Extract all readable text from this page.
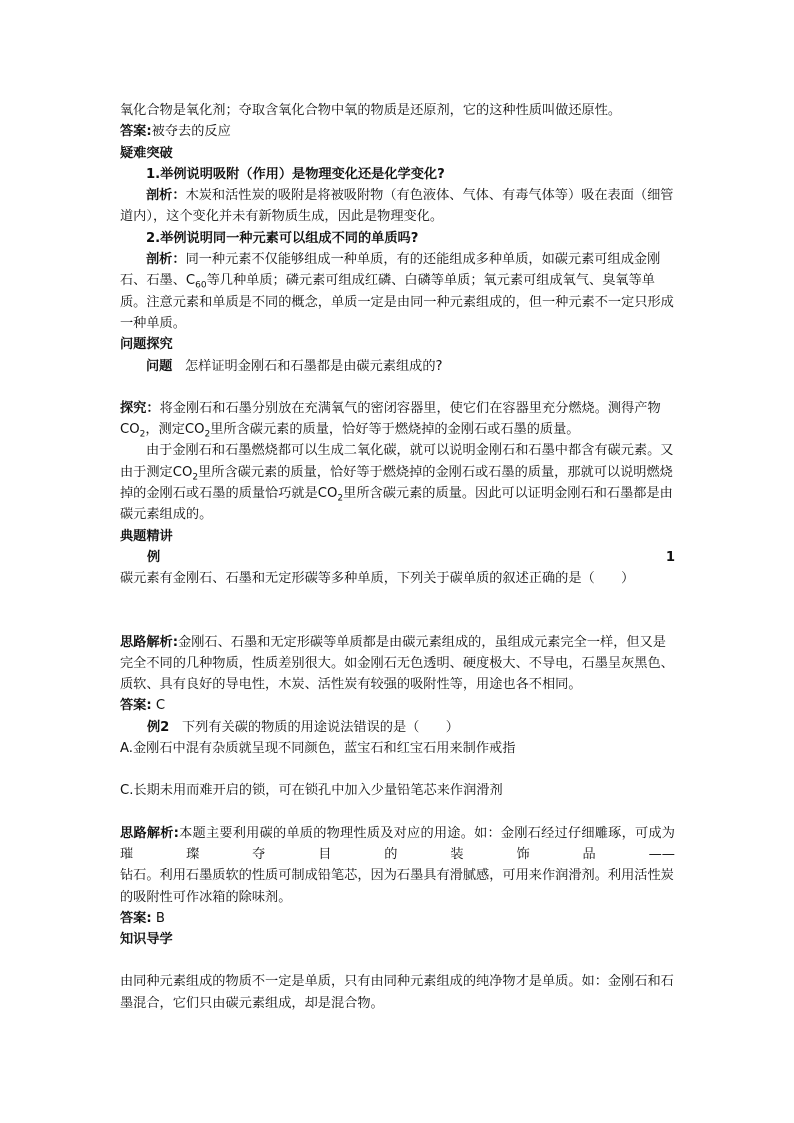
氧化合物是氧化剂；夺取含氧化合物中氧的物质是还原剂，它的这种性质叫做还原性。

答案:被夺去的反应

疑难突破

1.举例说明吸附（作用）是物理变化还是化学变化?

剖析：木炭和活性炭的吸附是将被吸附物（有色液体、气体、有毒气体等）吸在表面（细管道内），这个变化并未有新物质生成，因此是物理变化。

2.举例说明同一种元素可以组成不同的单质吗?

剖析：同一种元素不仅能够组成一种单质，有的还能组成多种单质，如碳元素可组成金刚石、石墨、$C_{60}$等几种单质；磷元素可组成红磷、白磷等单质；氧元素可组成氧气、臭氧等单质。注意元素和单质是不同的概念，单质一定是由同一种元素组成的，但一种元素不一定只形成一种单质。

问题探究

问题 怎样证明金刚石和石墨都是由碳元素组成的?

探究：将金刚石和石墨分别放在充满氧气的密闭容器里，使它们在容器里充分燃烧。测得产物$CO_2$，测定$CO_2$里所含碳元素的质量，恰好等于燃烧掉的金刚石或石墨的质量。

由于金刚石和石墨燃烧都可以生成二氧化碳，就可以说明金刚石和石墨中都含有碳元素。又由于测定$CO_2$里所含碳元素的质量，恰好等于燃烧掉的金刚石或石墨的质量，那就可以说明燃烧掉的金刚石或石墨的质量恰巧就是$CO_2$里所含碳元素的质量。因此可以证明金刚石和石墨都是由碳元素组成的。

典题精讲

例	1

碳元素有金刚石、石墨和无定形碳等多种单质，下列关于碳单质的叙述正确的是（　　）

思路解析:金刚石、石墨和无定形碳等单质都是由碳元素组成的，虽组成元素完全一样，但又是完全不同的几种物质，性质差别很大。如金刚石无色透明、硬度极大、不导电，石墨呈灰黑色、质软、具有良好的导电性，木炭、活性炭有较强的吸附性等，用途也各不相同。

答案: C

例2 下列有关碳的物质的用途说法错误的是（　　）

A.金刚石中混有杂质就呈现不同颜色，蓝宝石和红宝石用来制作戒指

C.长期未用而难开启的锁，可在锁孔中加入少量铅笔芯来作润滑剂

思路解析:本题主要利用碳的单质的物理性质及对应的用途。如：金刚石经过仔细雕琢，可成为璀璨夺目的装饰品——

钻石。利用石墨质软的性质可制成铅笔芯，因为石墨具有滑腻感，可用来作润滑剂。利用活性炭的吸附性可作冰箱的除味剂。

答案: B

知识导学

由同种元素组成的物质不一定是单质，只有由同种元素组成的纯净物才是单质。如：金刚石和石墨混合，它们只由碳元素组成，却是混合物。
